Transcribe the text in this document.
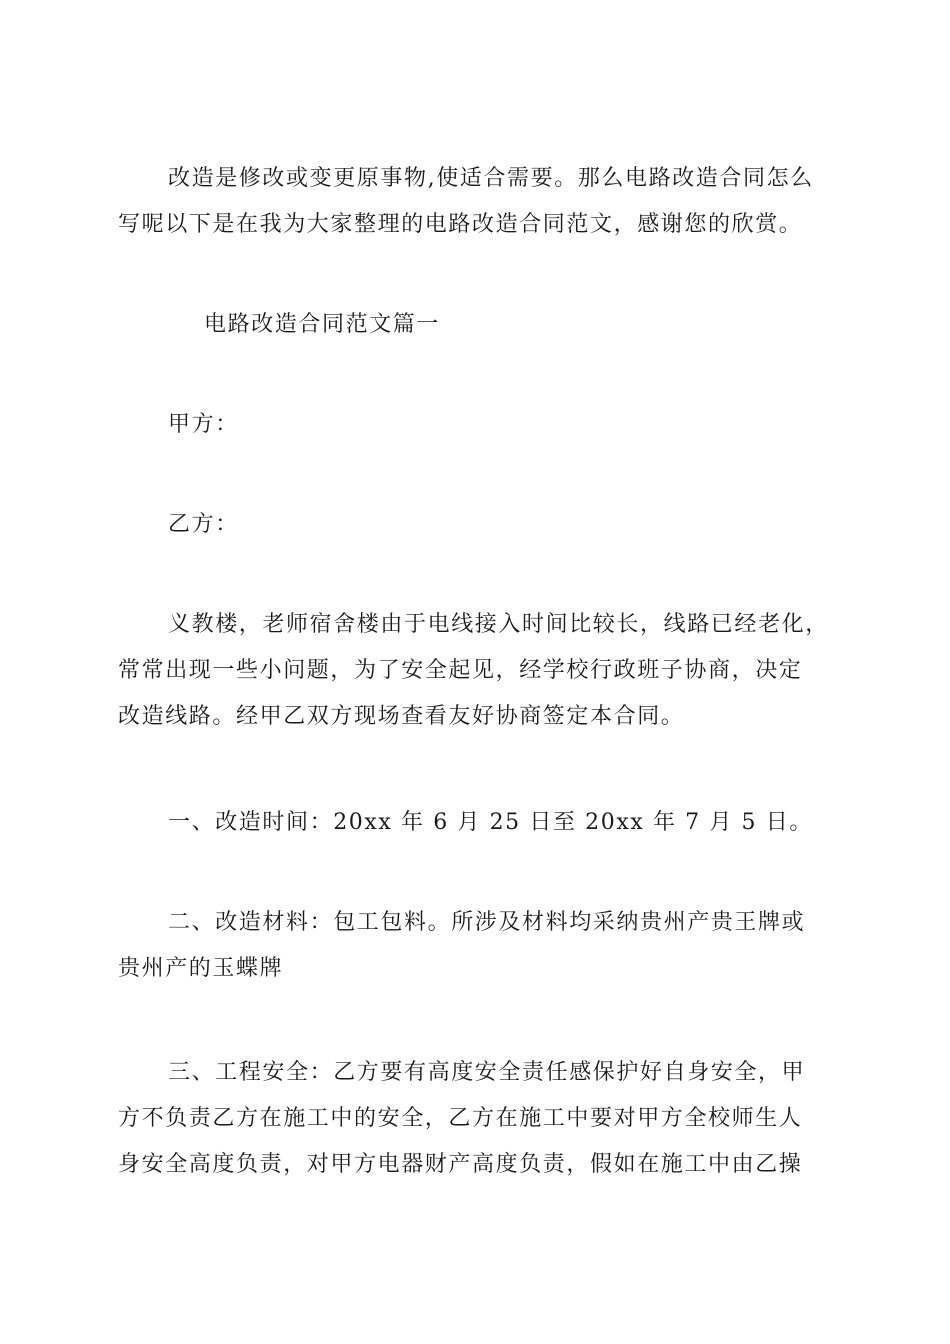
改造是修改或变更原事物,使适合需要。那么电路改造合同怎么
写呢以下是在我为大家整理的电路改造合同范文，感谢您的欣赏。

电路改造合同范文篇一

甲方：

乙方：

义教楼，老师宿舍楼由于电线接入时间比较长，线路已经老化，
常常出现一些小问题，为了安全起见，经学校行政班子协商，决定
改造线路。经甲乙双方现场查看友好协商签定本合同。

一、改造时间：20xx 年 6 月 25 日至 20xx 年 7 月 5 日。

二、改造材料：包工包料。所涉及材料均采纳贵州产贵王牌或
贵州产的玉蝶牌

三、工程安全：乙方要有高度安全责任感保护好自身安全，甲
方不负责乙方在施工中的安全，乙方在施工中要对甲方全校师生人
身安全高度负责，对甲方电器财产高度负责，假如在施工中由乙操
